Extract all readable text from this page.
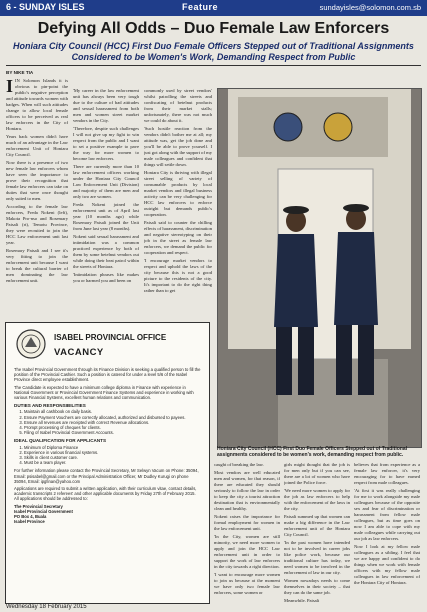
6 - SUNDAY ISLES	Feature	sundayisles@solomon.com.sb
Defying All Odds – Duo Female Law Enforcers
Honiara City Council (HCC) First Duo Female Officers Stepped out of Traditional Assignments Considered to be Women's Work, Demanding Respect from Public
BY NIKE TIA

IIN Solomon Islands it is obvious to pin-point the public's negative perception and attitude towards women with badges. When will such attitudes change to allow local female officers to be perceived as real law enforcers in the City of Honiara.

Years back women didn't have much of an advantage in the Law enforcement Unit of Honiara City Council.

Now there is a presence of two new female law enforcers whom have seen the importance to prove their recognition that female law enforcers can take on duties that were once thought only suited to men.

According to the female law enforcers, Freda Nokeni (left), Makota Pro-nso and Rosemary Paisali (rt), Temotu Province, they were recruited to join the HCC Law enforcement unit last year.

Rosemary Paisali and I see it's very fitting to join the enforcement unit because I want to break the cultural barrier of men dominating the law enforcement unit.

'My career in the law enforcement unit has always been very tough due to the culture of bad attitudes and sexual harassment from both men and women street market vendors in the City.

'Therefore, despite such challenges I will not give up my fight to win respect from the public and I want to set a positive example to pave the way for more women to become law enforcers.

There are currently more than 10 law enforcement officers working under the Honiara City Council Law Enforcement Unit (Division) and majority of them are men and only two are women.

Freda Nokeni joined the enforcement unit as of April last year (10 months ago) while Rosemary Paisali joined the Unit from June last year (8 months).

Nokeni said sexual harassment and intimidation was a common practiced experience by both of them by some betelnut vendors out while doing their beat patrol within the streets of Honiara.

'Intimidation phrases like makes you or harmed you and been on

commonly used by street vendors' whilst patrolling the streets and confiscating of betelnut products from their market stalls; unfortunately, there was not much we could do about it.

'Such hostile reaction from the vendors didn't bother me at all; my attitude was, get the job done and you'll be able to prove yourself. I just got along with the support of my male colleagues and confident that things will settle down.

Honiara City is thriving with illegal street selling of variety of consumable products by local market vendors and illegal business activity can be very challenging for HCC law enforcers to enforce outright but demands public's cooperation.

Paisali said to counter the chilling effects of harassment, discrimination and negative stereotyping on their job in the street as female law enforcers, we demand the public for cooperation and respect.

'I encourage market vendors to respect and uphold the laws of the city because this is not a good picture to the residents of the city. It's important to do the right thing rather than to get

Honiara City Council (HCC) First Duo Female Officers Stepped out of Traditional assignments considered to be women's work, demanding respect from public.

caught of breaking the law.

Most vendors are well educated men and women, for that reason, if there are educated they should seriously to follow the law in order to keep the city a tourist attraction destination that is environmentally clean and healthy.

Nokeni raises the importance for formal employment for women in the law enforcement unit.

'In the City, women are still minority, we need more women to apply and join the HCC Law enforcement unit in order to support the work of law enforcers in the city towards a right direction.

'I want to encourage more women to join us because at the moment we have only two female law enforcers, some women or

girls might thought that the job is for men only but if you can see, there are a lot of women who have joined the Police force.

'We need more women to apply for the job as law enforcers to help with the enforcement of the laws in the city.

Paisali summed up that women can make a big difference in the Law enforcement unit of the Honiara City Council.

'In the past women have intended not to be involved in career jobs like police work, because our traditional culture has today, we need women to be involved in the enforcement of law in our city.

Women nowadays needs to come themselves in their society – that they can do the same job.

Meanwhile, Paisali

believes that from experience as a female law enforcer, it's very encouraging for to have earned respect from male colleagues.

'At first it was really challenging for me to work alongside my male colleagues because of the opposite sex and fear of discrimination or harassment from fellow male colleagues, but as time goes on now I am able to cope with my male colleagues while carrying out our job as law enforcers.

Now I look at my fellow male colleagues as a sibling. I feel that we are happy and confident to do things when we work with female officers with my fellow male colleagues in law enforcement of the Honiara City of Honiara.

ISABEL PROVINCIAL OFFICE
VACANCY

The Isabel Provincial Government through its Finance Division is seeking a qualified person to fill the position of the Provincial Cashier. Such a position is catered for under a level 5/6 of the Isabel Province direct employee establishment.

The Candidate is expected to have a minimum college diploma in Finance with experience in National Government or Provincial Government Finance Systems and experience in working with various Financial Systems, excellent human relations and communication.

DUTIES AND RESPONSIBILITIES
1. Maintain all cashbook on daily basis.
2. Ensure Payment Vouchers are correctly allocated, authorized and disbursed to payees.
3. Ensure all revenues are receipted with correct Revenue allocations.
4. Prompt processing of cheques for clients.
5. Filing of Isabel Provincial Government Accounts.
IDEAL QUALIFICATION FOR APPLICANTS
1. Minimum of Diploma Finance
2. Experience in various financial systems.
3. Skills in client customer care.
4. Must be a team player.

For further information please contact the Provincial Secretary, Mr Selwyn Vacum on Phone: 35094, Email: psisabel@gmail.com or the Principal Administration Officer, Mr Dudley Kurugi on phone 35094, Email: ipgfinan@yahoo.com

Applications are required to submit a written application, with their curriculum vitae, contact details, academic transcripts 2 referees' and other applicable documents by Friday 27th of February 2015. All applications should be addressed to:

The Provincial Secretary
Isabel Provincial Government
PO Box 4, Buala
Isabel Province
Wednesday 18 February 2015
